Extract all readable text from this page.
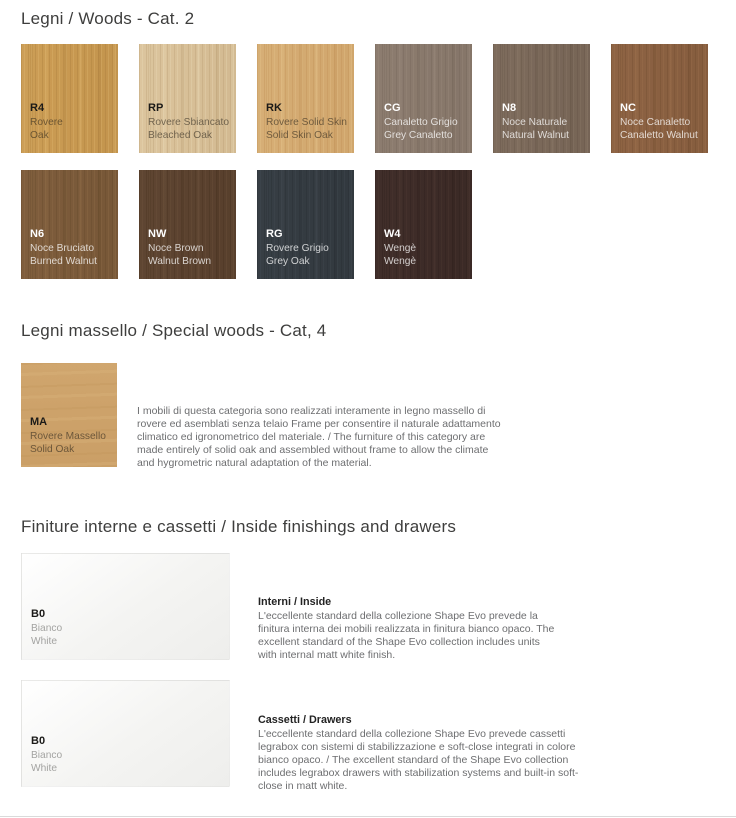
Legni / Woods - Cat. 2

R4

Rovere

Oak

RP

Rovere Sbiancato

Bleached Oak

RK

Rovere Solid Skin

Solid Skin Oak

CG

Canaletto Grigio

Grey Canaletto

N8

Noce Naturale

Natural Walnut

NC

Noce Canaletto

Canaletto Walnut

N6

Noce Bruciato

Burned Walnut

NW

Noce Brown

Walnut Brown

RG

Rovere Grigio

Grey Oak

W4

Wengè

Wengè

Legni massello / Special woods - Cat, 4

MA

Rovere Massello

Solid Oak

I mobili di questa categoria sono realizzati interamente in legno massello di rovere ed asemblati senza telaio Frame per consentire il naturale adattamento climatico ed igronometrico del materiale. / The furniture of this category are made entirely of solid oak and assembled without frame to allow the climate and hygrometric natural adaptation of the material.

Finiture interne e cassetti / Inside finishings and drawers

B0

Bianco

White

Interni / Inside

L'eccellente standard della collezione Shape Evo prevede la finitura interna dei mobili realizzata in finitura bianco opaco. The excellent standard of the Shape Evo collection includes units with internal matt white finish.

B0

Bianco

White

Cassetti / Drawers

L'eccellente standard della collezione Shape Evo prevede cassetti legrabox con sistemi di stabilizzazione e soft-close integrati in colore bianco opaco. / The excellent standard of the Shape Evo collection includes legrabox drawers with stabilization systems and built-in soft-close in matt white.
